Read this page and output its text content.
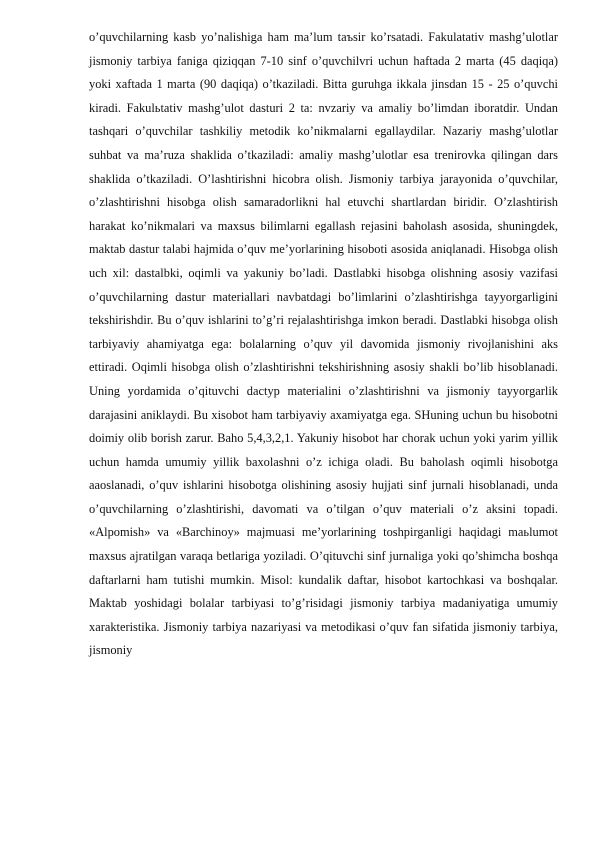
o’quvchilarning kasb yo’nalishiga ham ma’lum taъsir ko’rsatadi. Fakulatativ mashg’ulotlar jismoniy tarbiya faniga qiziqqan 7-10 sinf o’quvchilvri uchun haftada 2 marta (45 daqiqa) yoki xaftada 1 marta (90 daqiqa) o’tkaziladi. Bitta guruhga ikkala jinsdan 15 - 25 o’quvchi kiradi. Fakulьtativ mashg’ulot dasturi 2 ta: nvzariy va amaliy bo’limdan iboratdir. Undan tashqari o’quvchilar tashkiliy metodik ko’nikmalarni egallaydilar. Nazariy mashg’ulotlar suhbat va ma’ruza shaklida o’tkaziladi: amaliy mashg’ulotlar esa trenirovka qilingan dars shaklida o’tkaziladi. O’lashtirishni hicobra olish. Jismoniy tarbiya jarayonida o’quvchilar, o’zlashtirishni hisobga olish samaradorlikni hal etuvchi shartlardan biridir. O’zlashtirish harakat ko’nikmalari va maxsus bilimlarni egallash rejasini baholash asosida, shuningdek, maktab dastur talabi hajmida o’quv me’yorlarining hisoboti asosida aniqlanadi. Hisobga olish uch xil: dastalbki, oqimli va yakuniy bo’ladi. Dastlabki hisobga olishning asosiy vazifasi o’quvchilarning dastur materiallari navbatdagi bo’limlarini o’zlashtirishga tayyorgarligini tekshirishdir. Bu o’quv ishlarini to’g’ri rejalashtirishga imkon beradi. Dastlabki hisobga olish tarbiyaviy ahamiyatga ega: bolalarning o’quv yil davomida jismoniy rivojlanishini aks ettiradi. Oqimli hisobga olish o’zlashtirishni tekshirishning asosiy shakli bo’lib hisoblanadi. Uning yordamida o’qituvchi dactyp materialini o’zlashtirishni va jismoniy tayyorgarlik darajasini aniklaydi. Bu xisobot ham tarbiyaviy axamiyatga ega. SHuning uchun bu hisobotni doimiy olib borish zarur. Baho 5,4,3,2,1. Yakuniy hisobot har chorak uchun yoki yarim yillik uchun hamda umumiy yillik baxolashni o’z ichiga oladi. Bu baholash oqimli hisobotga aaoslanadi, o’quv ishlarini hisobotga olishining asosiy hujjati sinf jurnali hisoblanadi, unda o’quvchilarning o’zlashtirishi, davomati va o’tilgan o’quv materiali o’z aksini topadi. «Alpomish» va «Barchinoy» majmuasi me’yorlarining toshpirganligi haqidagi maьlumot maxsus ajratilgan varaqa betlariga yoziladi. O’qituvchi sinf jurnaliga yoki qo’shimcha boshqa daftarlarni ham tutishi mumkin. Misol: kundalik daftar, hisobot kartochkasi va boshqalar. Maktab yoshidagi bolalar tarbiyasi to’g’risidagi jismoniy tarbiya madaniyatiga umumiy xarakteristika. Jismoniy tarbiya nazariyasi va metodikasi o’quv fan sifatida jismoniy tarbiya, jismoniy
